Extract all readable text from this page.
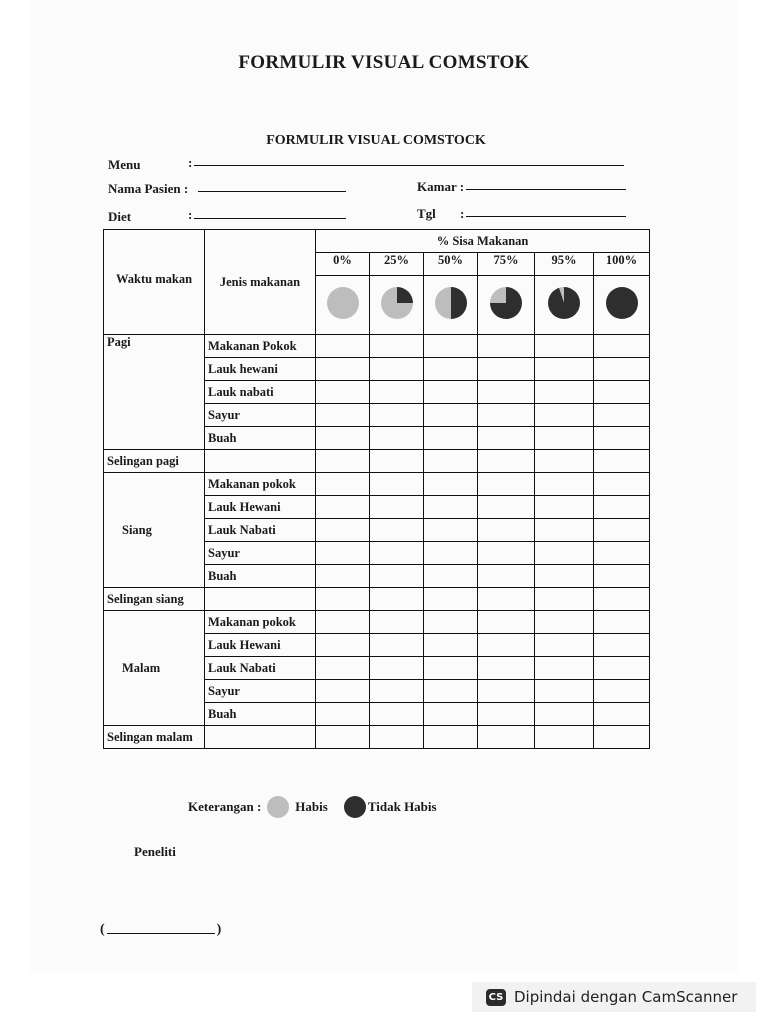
FORMULIR VISUAL COMSTOK
FORMULIR VISUAL COMSTOCK
Menu	:
Nama Pasien :	Kamar :
Diet	:	Tgl :
Waktu makan	Jenis makanan	% Sisa Makanan					
		0%	25%	50%	75%	95%	100%

Pagi	Makanan Pokok						
	Lauk hewani						
	Lauk nabati						
	Sayur						
	Buah						
Selingan pagi							
Siang	Makanan pokok						
	Lauk Hewani						
	Lauk Nabati						
	Sayur						
	Buah						
Selingan siang							
Malam	Makanan pokok						
	Lauk Hewani						
	Lauk Nabati						
	Sayur						
	Buah						
Selingan malam							
Keterangan :	Habis	Tidak Habis
Peneliti
(	)
CS Dipindai dengan CamScanner
